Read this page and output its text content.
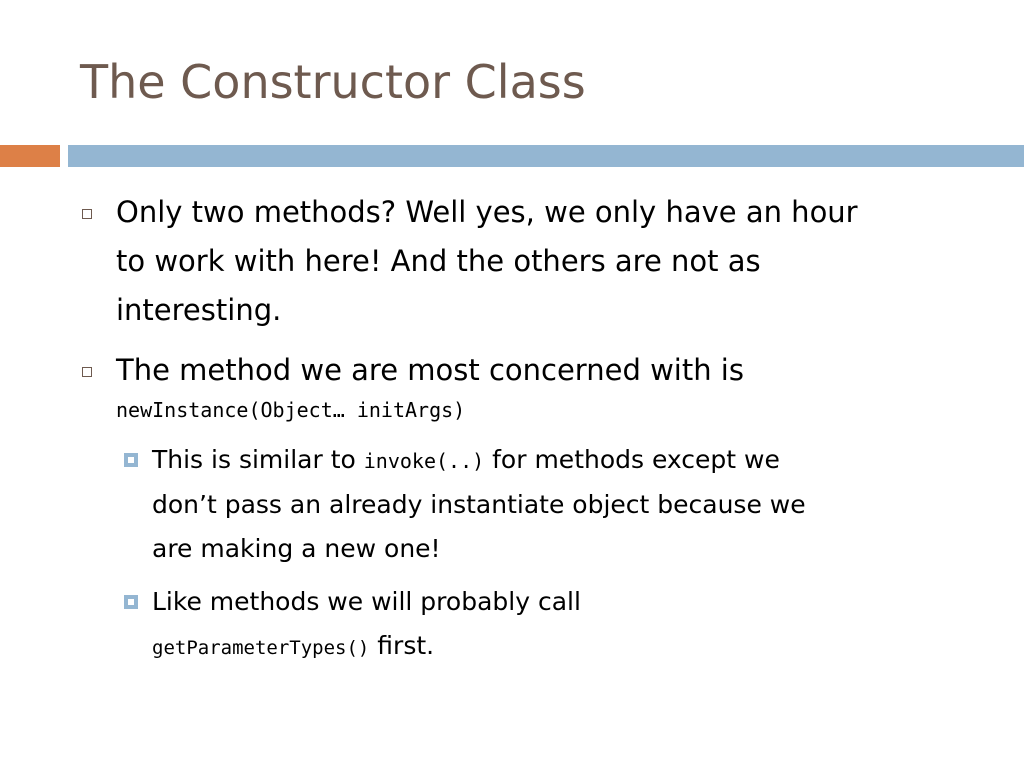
The Constructor Class
Only two methods? Well yes, we only have an hour
to work with here! And the others are not as
interesting.
The method we are most concerned with is
newInstance(Object… initArgs)
This is similar to invoke(..) for methods except we
don’t pass an already instantiate object because we
are making a new one!
Like methods we will probably call
getParameterTypes() first.
